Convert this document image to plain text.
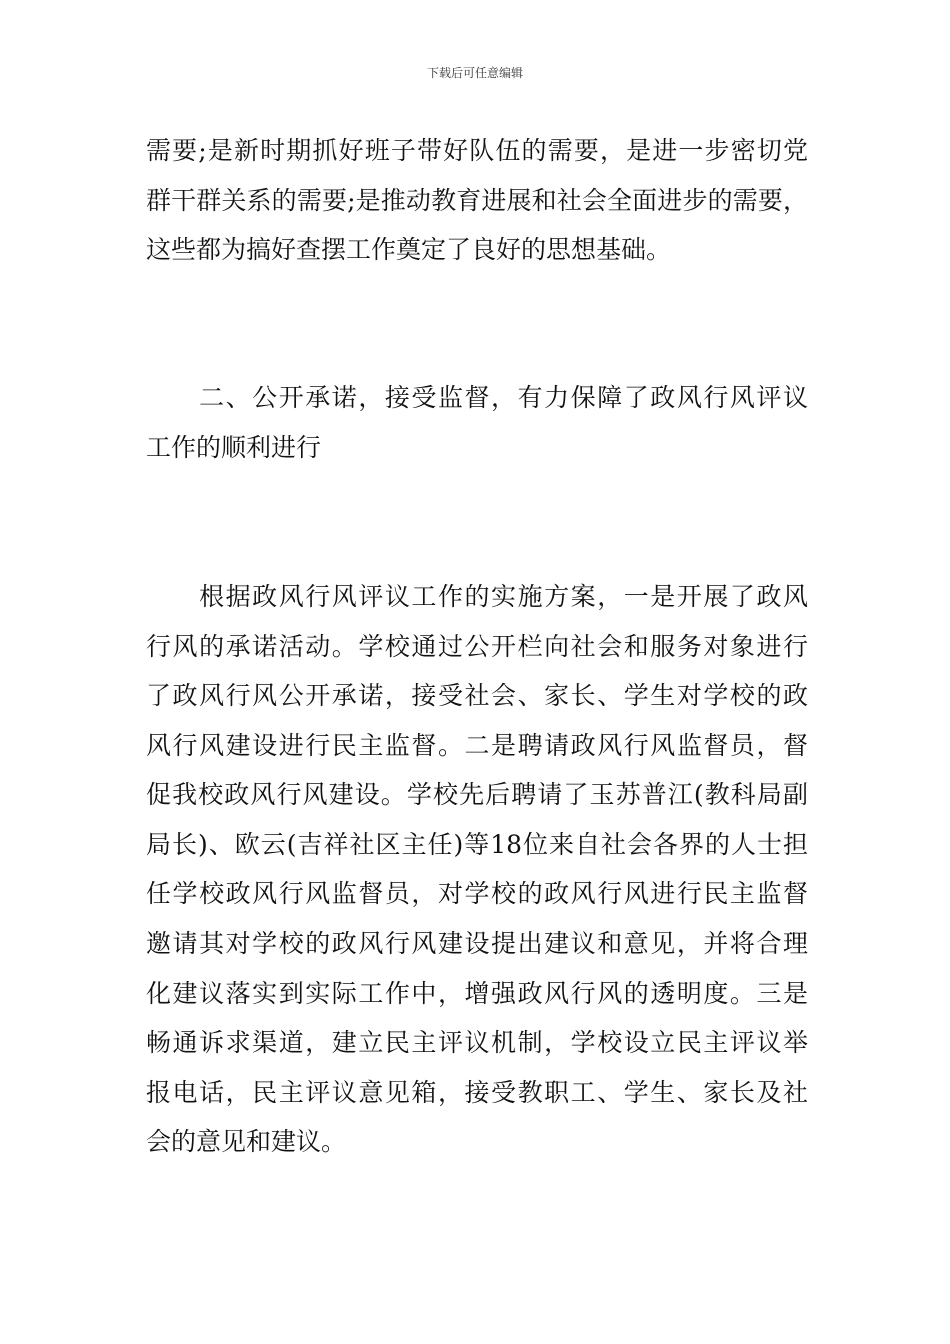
下载后可任意编辑
需要;是新时期抓好班子带好队伍的需要，是进一步密切党
群干群关系的需要;是推动教育进展和社会全面进步的需要，
这些都为搞好查摆工作奠定了良好的思想基础。
　　二、公开承诺，接受监督，有力保障了政风行风评议
工作的顺利进行
　　根据政风行风评议工作的实施方案，一是开展了政风
行风的承诺活动。学校通过公开栏向社会和服务对象进行
了政风行风公开承诺，接受社会、家长、学生对学校的政
风行风建设进行民主监督。二是聘请政风行风监督员，督
促我校政风行风建设。学校先后聘请了玉苏普江(教科局副
局长)、欧云(吉祥社区主任)等18位来自社会各界的人士担
任学校政风行风监督员，对学校的政风行风进行民主监督
邀请其对学校的政风行风建设提出建议和意见，并将合理
化建议落实到实际工作中，增强政风行风的透明度。三是
畅通诉求渠道，建立民主评议机制，学校设立民主评议举
报电话，民主评议意见箱，接受教职工、学生、家长及社
会的意见和建议。
